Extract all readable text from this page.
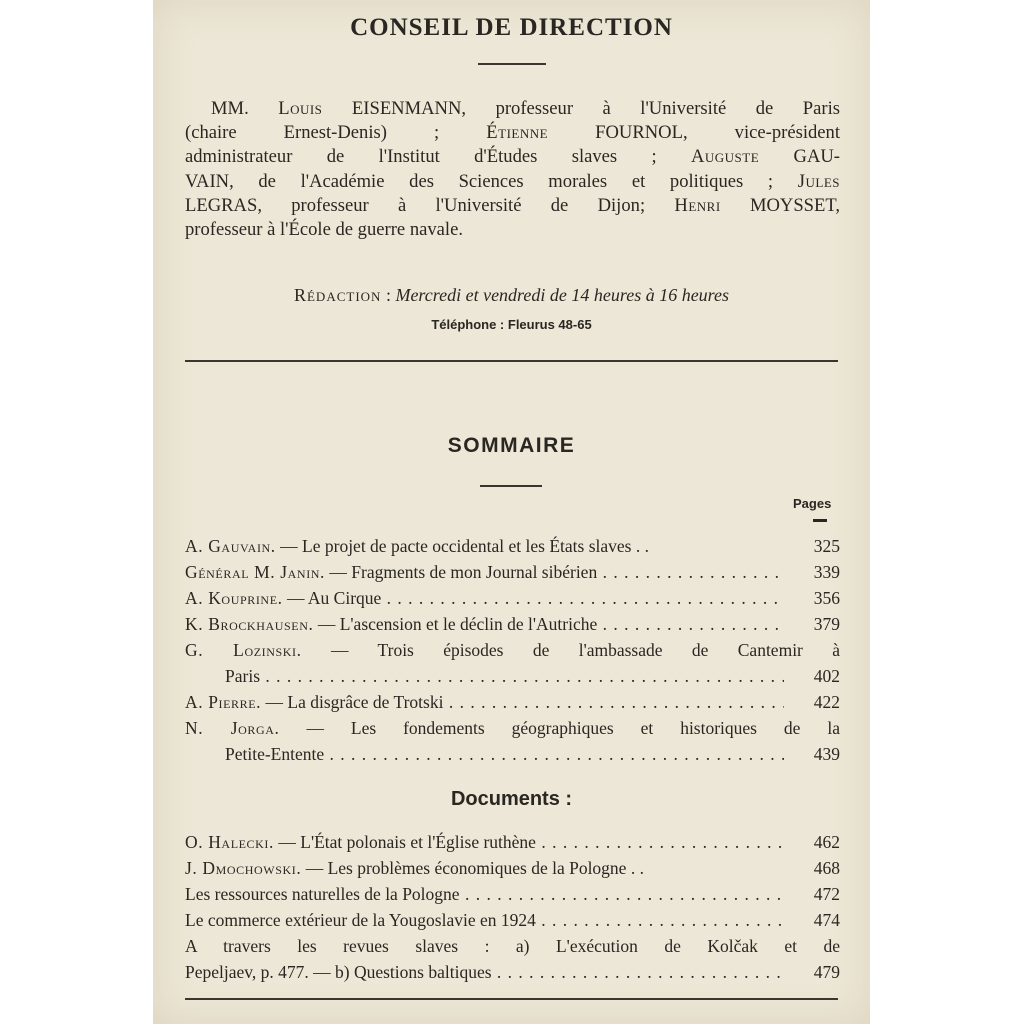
CONSEIL DE DIRECTION
MM. Louis EISENMANN, professeur à l'Université de Paris
(chaire Ernest-Denis) ; Étienne FOURNOL, vice-président
administrateur de l'Institut d'Études slaves ; Auguste GAU-
VAIN, de l'Académie des Sciences morales et politiques ; Jules
LEGRAS, professeur à l'Université de Dijon; Henri MOYSSET,
professeur à l'École de guerre navale.
Rédaction : Mercredi et vendredi de 14 heures à 16 heures
Téléphone : Fleurus 48-65
SOMMAIRE
Pages
A. Gauvain. — Le projet de pacte occidental et les États slaves . .	325
Général M. Janin. — Fragments de mon Journal sibérien . . .	339
A. Kouprine. — Au Cirque . . .	356
K. Brockhausen. — L'ascension et le déclin de l'Autriche . . .	379
G. Lozinski. — Trois épisodes de l'ambassade de Cantemir à
Paris . . .	402
A. Pierre. — La disgrâce de Trotski . . .	422
N. Jorga. — Les fondements géographiques et historiques de la
Petite-Entente . . .	439
Documents :
O. Halecki. — L'État polonais et l'Église ruthène . . .	462
J. Dmochowski. — Les problèmes économiques de la Pologne . .	468
Les ressources naturelles de la Pologne . . .	472
Le commerce extérieur de la Yougoslavie en 1924 . . .	474
A travers les revues slaves : a) L'exécution de Kolčak et de
Pepeljaev, p. 477. — b) Questions baltiques . . .	479
